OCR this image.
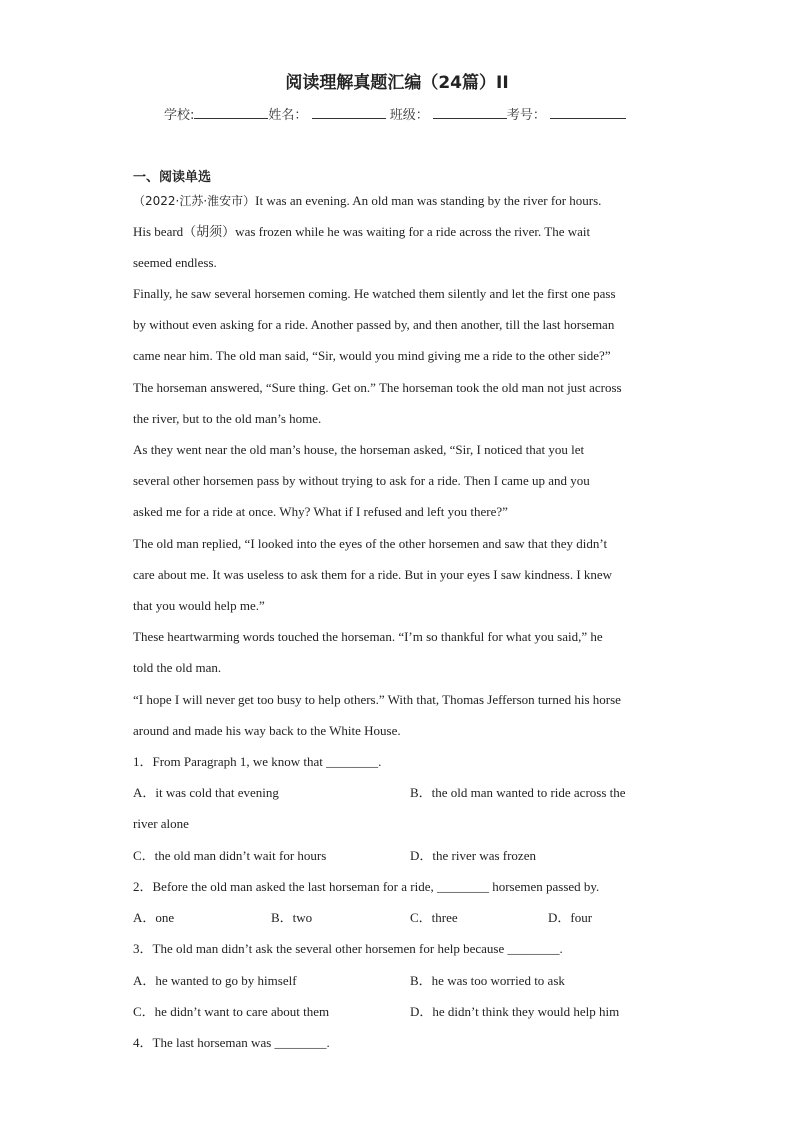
阅读理解真题汇编（24篇）II
学校:	姓名：	班级：	考号：
一、阅读单选
（2022·江苏·淮安市）It was an evening. An old man was standing by the river for hours.
His beard（胡须）was frozen while he was waiting for a ride across the river. The wait
seemed endless.
Finally, he saw several horsemen coming. He watched them silently and let the first one pass
by without even asking for a ride. Another passed by, and then another, till the last horseman
came near him. The old man said, “Sir, would you mind giving me a ride to the other side?”
The horseman answered, “Sure thing. Get on.” The horseman took the old man not just across
the river, but to the old man’s home.
As they went near the old man’s house, the horseman asked, “Sir, I noticed that you let
several other horsemen pass by without trying to ask for a ride. Then I came up and you
asked me for a ride at once. Why? What if I refused and left you there?”
The old man replied, “I looked into the eyes of the other horsemen and saw that they didn’t
care about me. It was useless to ask them for a ride. But in your eyes I saw kindness. I knew
that you would help me.”
These heartwarming words touched the horseman. “I’m so thankful for what you said,” he
told the old man.
“I hope I will never get too busy to help others.” With that, Thomas Jefferson turned his horse
around and made his way back to the White House.
1．From Paragraph 1, we know that ________.
A．it was cold that evening	B．the old man wanted to ride across the
river alone
C．the old man didn’t wait for hours	D．the river was frozen
2．Before the old man asked the last horseman for a ride, ________ horsemen passed by.
A．one	B．two	C．three	D．four
3．The old man didn’t ask the several other horsemen for help because ________.
A．he wanted to go by himself	B．he was too worried to ask
C．he didn’t want to care about them	D．he didn’t think they would help him
4．The last horseman was ________.
